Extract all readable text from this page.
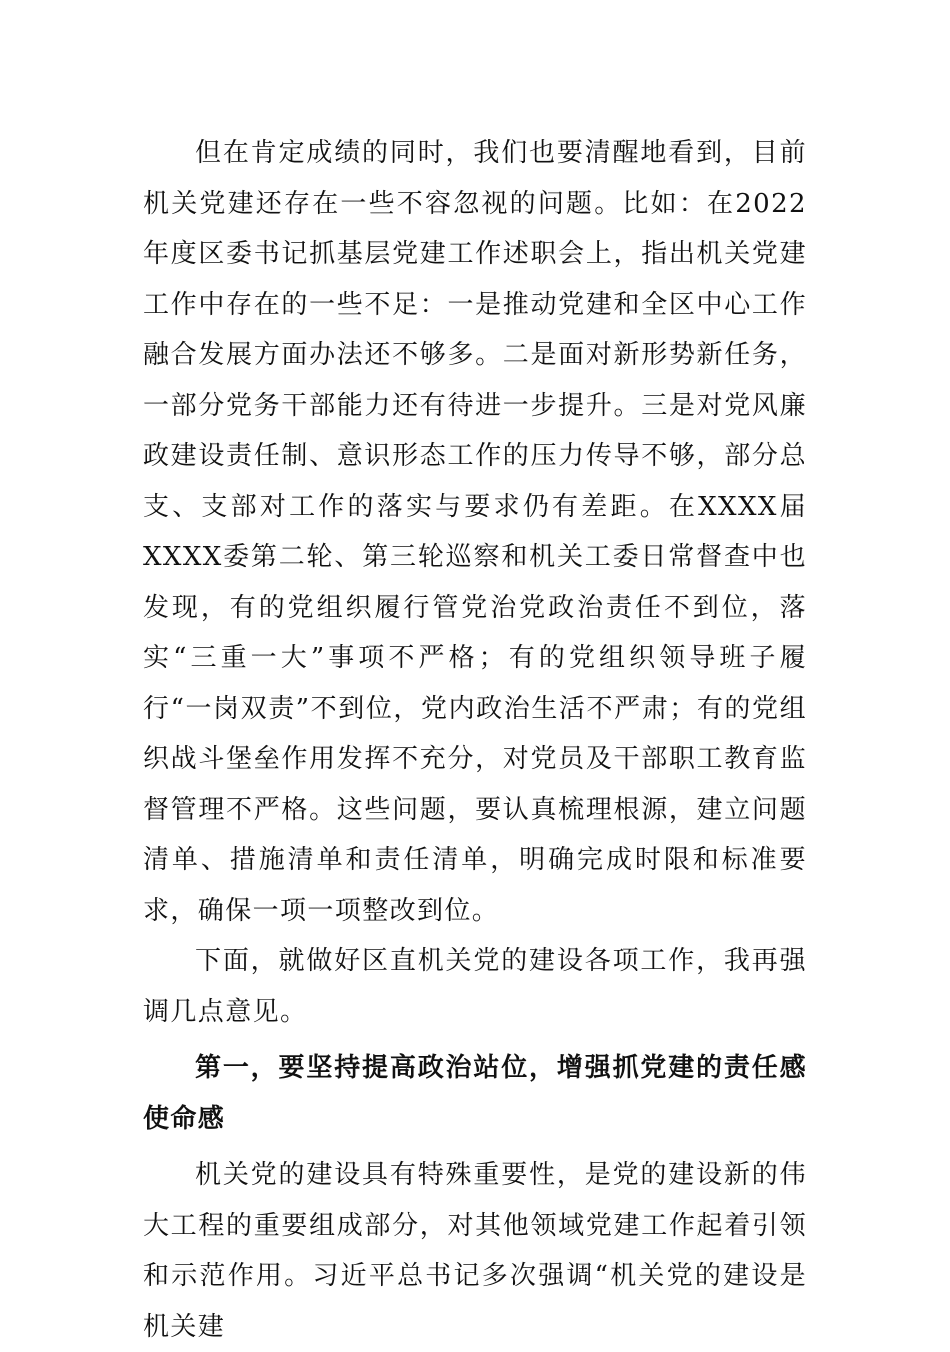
但在肯定成绩的同时，我们也要清醒地看到，目前机关党建还存在一些不容忽视的问题。比如：在2022年度区委书记抓基层党建工作述职会上，指出机关党建工作中存在的一些不足：一是推动党建和全区中心工作融合发展方面办法还不够多。二是面对新形势新任务，一部分党务干部能力还有待进一步提升。三是对党风廉政建设责任制、意识形态工作的压力传导不够，部分总支、支部对工作的落实与要求仍有差距。在XXXX届XXXX委第二轮、第三轮巡察和机关工委日常督查中也发现，有的党组织履行管党治党政治责任不到位，落实“三重一大”事项不严格；有的党组织领导班子履行“一岗双责”不到位，党内政治生活不严肃；有的党组织战斗堡垒作用发挥不充分，对党员及干部职工教育监督管理不严格。这些问题，要认真梳理根源，建立问题清单、措施清单和责任清单，明确完成时限和标准要求，确保一项一项整改到位。

下面，就做好区直机关党的建设各项工作，我再强调几点意见。

第一，要坚持提高政治站位，增强抓党建的责任感使命感

机关党的建设具有特殊重要性，是党的建设新的伟大工程的重要组成部分，对其他领域党建工作起着引领和示范作用。习近平总书记多次强调“机关党的建设是机关建
